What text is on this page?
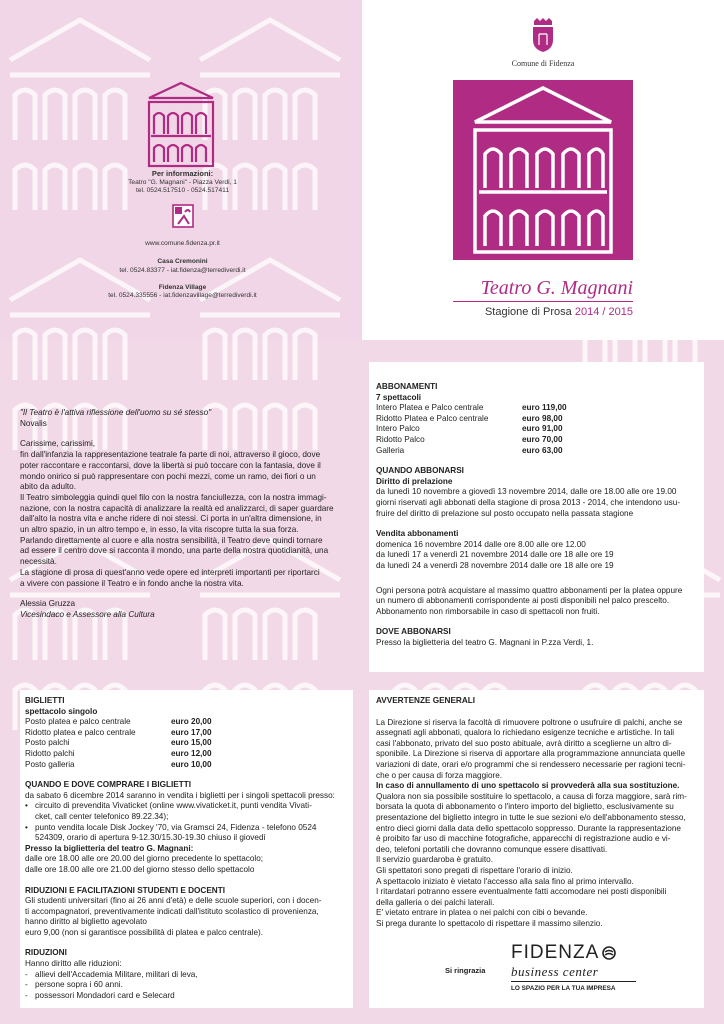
Per informazioni:
Teatro "G. Magnani" - Piazza Verdi, 1
tel. 0524.517510 - 0524.517411
www.comune.fidenza.pr.it
Casa Cremonini
tel. 0524.83377 - iat.fidenza@terrediverdi.it
Fidenza Village
tel. 0524.335556 - iat.fidenzavillage@terrediverdi.it
Comune di Fidenza
Teatro G. Magnani
Stagione di Prosa 2014 / 2015
"Il Teatro è l'attiva riflessione dell'uomo su sé stesso"
Novalis
Carissime, carissimi,
fin dall'infanzia la rappresentazione teatrale fa parte di noi, attraverso il gioco, dove
poter raccontare e raccontarsi, dove la libertà si può toccare con la fantasia, dove il
mondo onirico si può rappresentare con pochi mezzi, come un ramo, dei fiori o un
abito da adulto.
Il Teatro simboleggia quindi quel filo con la nostra fanciullezza, con la nostra immagi-
nazione, con la nostra capacità di analizzare la realtà ed analizzarci, di saper guardare
dall'alto la nostra vita e anche ridere di noi stessi. Ci porta in un'altra dimensione, in
un altro spazio, in un altro tempo e, in esso, la vita riscopre tutta la sua forza.
Parlando direttamente al cuore e alla nostra sensibilità, il Teatro deve quindi tornare
ad essere il centro dove si racconta il mondo, una parte della nostra quotidianità, una
necessità.
La stagione di prosa di quest'anno vede opere ed interpreti importanti per riportarci
a vivere con passione il Teatro e in fondo anche la nostra vita.
Alessia Gruzza
Vicesindaco e Assessore alla Cultura
ABBONAMENTI
7 spettacoli
Intero Platea e Palco centrale	euro 119,00
Ridotto Platea e Palco centrale	euro 98,00
Intero Palco	euro 91,00
Ridotto Palco	euro 70,00
Galleria	euro 63,00
QUANDO ABBONARSI
Diritto di prelazione
da lunedì 10 novembre a giovedì 13 novembre 2014, dalle ore 18.00 alle ore 19.00
giorni riservati agli abbonati della stagione di prosa 2013 - 2014, che intendono usu-
fruire del diritto di prelazione sul posto occupato nella passata stagione
Vendita abbonamenti
domenica 16 novembre 2014 dalle ore 8.00 alle ore 12.00
da lunedì 17 a venerdì 21 novembre 2014 dalle ore 18 alle ore 19
da lunedì 24 a venerdì 28 novembre 2014 dalle ore 18 alle ore 19
Ogni persona potrà acquistare al massimo quattro abbonamenti per la platea oppure
un numero di abbonamenti corrispondente ai posti disponibili nel palco prescelto.
Abbonamento non rimborsabile in caso di spettacoli non fruiti.
DOVE ABBONARSI
Presso la biglietteria del teatro G. Magnani in P.zza Verdi, 1.
BIGLIETTI
spettacolo singolo
Posto platea e palco centrale	euro 20,00
Ridotto platea e palco centrale	euro 17,00
Posto palchi	euro 15,00
Ridotto palchi	euro 12,00
Posto galleria	euro 10,00
QUANDO E DOVE COMPRARE I BIGLIETTI
da sabato 6 dicembre 2014 saranno in vendita i biglietti per i singoli spettacoli presso:
• circuito di prevendita Vivaticket (online www.vivaticket.it, punti vendita Vivati-
cket, call center telefonico 89.22.34);
• punto vendita locale Disk Jockey '70, via Gramsci 24, Fidenza - telefono 0524
524309, orario di apertura 9-12.30/15.30-19.30 chiuso il giovedì
Presso la biglietteria del teatro G. Magnani:
dalle ore 18.00 alle ore 20.00 del giorno precedente lo spettacolo;
dalle ore 18.00 alle ore 21.00 del giorno stesso dello spettacolo
RIDUZIONI E FACILITAZIONI STUDENTI E DOCENTI
Gli studenti universitari (fino ai 26 anni d'età) e delle scuole superiori, con i docen-
ti accompagnatori, preventivamente indicati dall'istituto scolastico di provenienza,
hanno diritto al biglietto agevolato
euro 9,00 (non si garantisce possibilità di platea e palco centrale).
RIDUZIONI
Hanno diritto alle riduzioni:
- allievi dell'Accademia Militare, militari di leva,
- persone sopra i 60 anni.
- possessori Mondadori card e Selecard
AVVERTENZE GENERALI
La Direzione si riserva la facoltà di rimuovere poltrone o usufruire di palchi, anche se
assegnati agli abbonati, qualora lo richiedano esigenze tecniche e artistiche. In tali
casi l'abbonato, privato del suo posto abituale, avrà diritto a sceglierne un altro di-
sponibile. La Direzione si riserva di apportare alla programmazione annunciata quelle
variazioni di date, orari e/o programmi che si rendessero necessarie per ragioni tecni-
che o per causa di forza maggiore.
In caso di annullamento di uno spettacolo si provvederà alla sua sostituzione.
Qualora non sia possibile sostituire lo spettacolo, a causa di forza maggiore, sarà rim-
borsata la quota di abbonamento o l'intero importo del biglietto, esclusivamente su
presentazione del biglietto integro in tutte le sue sezioni e/o dell'abbonamento stesso,
entro dieci giorni dalla data dello spettacolo soppresso. Durante la rappresentazione
è proibito far uso di macchine fotografiche, apparecchi di registrazione audio e vi-
deo, telefoni portatili che dovranno comunque essere disattivati.
Il servizio guardaroba è gratuito.
Gli spettatori sono pregati di rispettare l'orario di inizio.
A spettacolo iniziato è vietato l'accesso alla sala fino al primo intervallo.
I ritardatari potranno essere eventualmente fatti accomodare nei posti disponibili
della galleria o dei palchi laterali.
E' vietato entrare in platea o nei palchi con cibi o bevande.
Si prega durante lo spettacolo di rispettare il massimo silenzio.
Si ringrazia
FIDENZA
business center
LO SPAZIO PER LA TUA IMPRESA
